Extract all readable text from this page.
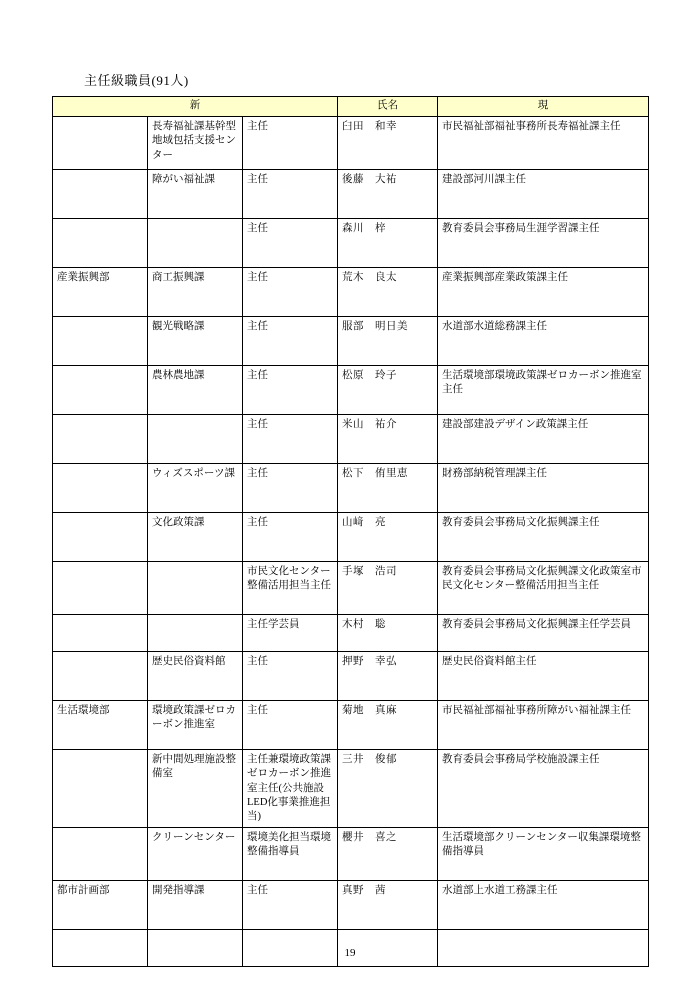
主任級職員(91人)
新			氏名	現
	長寿福祉課基幹型地域包括支援センター	主任	臼田　和幸	市民福祉部福祉事務所長寿福祉課主任
	障がい福祉課	主任	後藤　大祐	建設部河川課主任
		主任	森川　梓	教育委員会事務局生涯学習課主任
産業振興部	商工振興課	主任	荒木　良太	産業振興部産業政策課主任
	観光戦略課	主任	服部　明日美	水道部水道総務課主任
	農林農地課	主任	松原　玲子	生活環境部環境政策課ゼロカーボン推進室主任
		主任	米山　祐介	建設部建設デザイン政策課主任
	ウィズスポーツ課	主任	松下　侑里恵	財務部納税管理課主任
	文化政策課	主任	山﨑　亮	教育委員会事務局文化振興課主任
		市民文化センター整備活用担当主任	手塚　浩司	教育委員会事務局文化振興課文化政策室市民文化センター整備活用担当主任
		主任学芸員	木村　聡	教育委員会事務局文化振興課主任学芸員
	歴史民俗資料館	主任	押野　幸弘	歴史民俗資料館主任
生活環境部	環境政策課ゼロカーボン推進室	主任	菊地　真麻	市民福祉部福祉事務所障がい福祉課主任
	新中間処理施設整備室	主任兼環境政策課ゼロカーボン推進室主任(公共施設LED化事業推進担当)	三井　俊郁	教育委員会事務局学校施設課主任
	クリーンセンター	環境美化担当環境整備指導員	櫻井　喜之	生活環境部クリーンセンター収集課環境整備指導員
都市計画部	開発指導課	主任	真野　茜	水道部上水道工務課主任

19
